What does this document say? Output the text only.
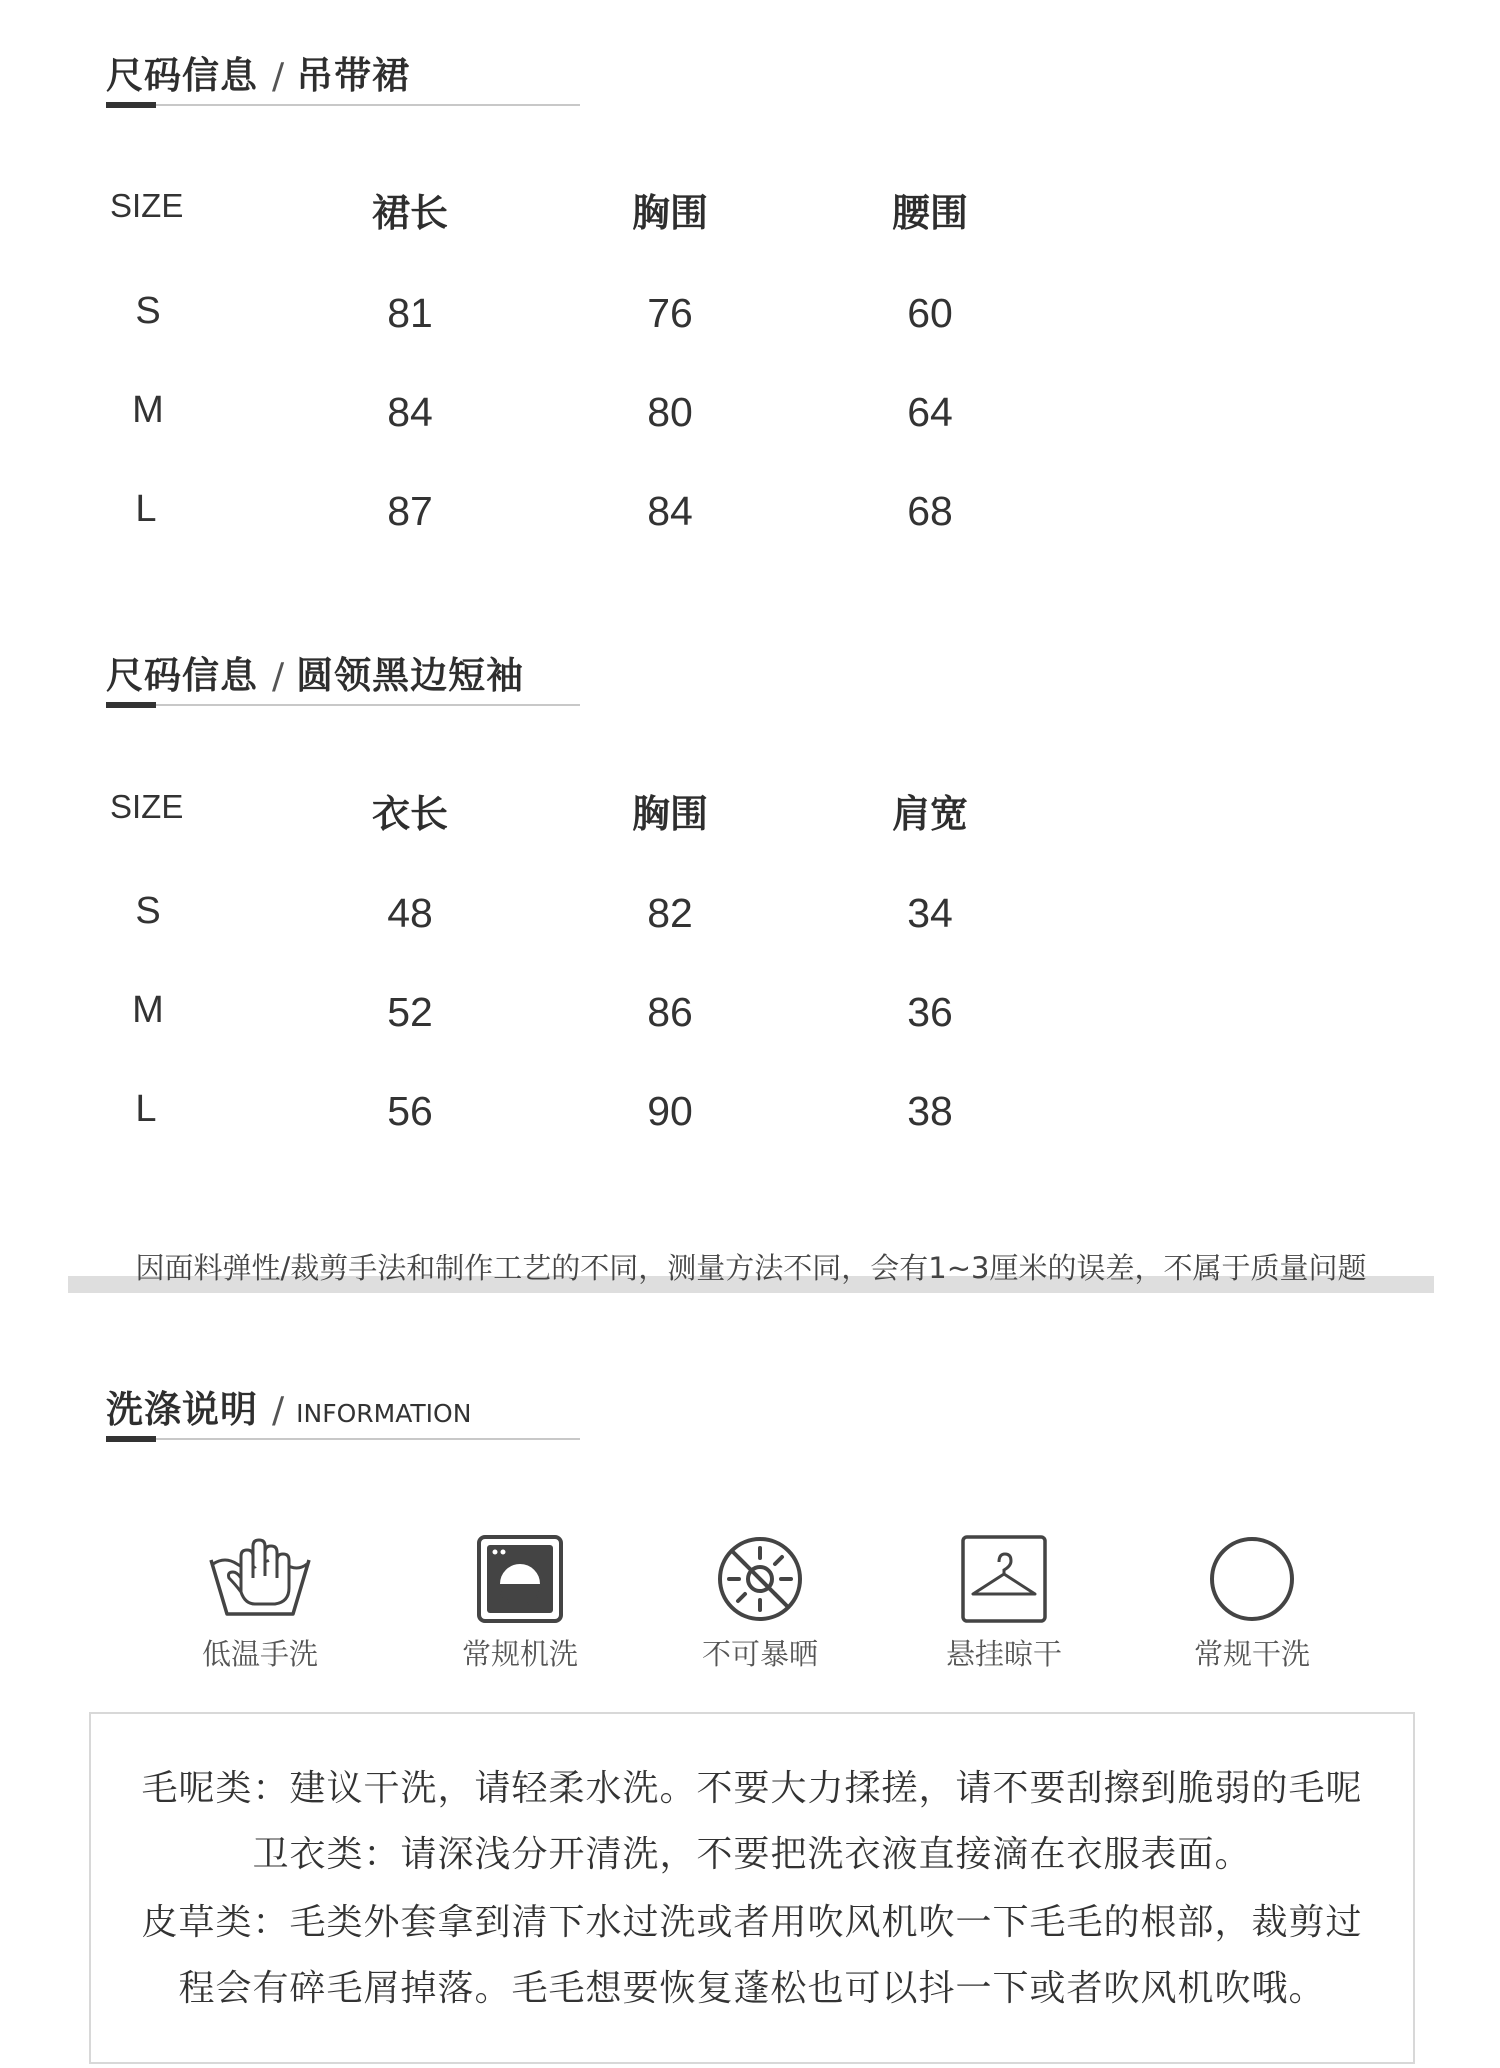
尺码信息 / 吊带裙
SIZE	裙长	胸围	腰围
S	81	76	60
M	84	80	64
L	87	84	68
尺码信息 / 圆领黑边短袖
SIZE	衣长	胸围	肩宽
S	48	82	34
M	52	86	36
L	56	90	38
因面料弹性/裁剪手法和制作工艺的不同，测量方法不同，会有1~3厘米的误差，不属于质量问题
洗涤说明 / INFORMATION
低温手洗	常规机洗	不可暴晒	悬挂晾干	常规干洗

毛呢类：建议干洗，请轻柔水洗。不要大力揉搓，请不要刮擦到脆弱的毛呢

卫衣类：请深浅分开清洗，不要把洗衣液直接滴在衣服表面。

皮草类：毛类外套拿到清下水过洗或者用吹风机吹一下毛毛的根部，裁剪过

程会有碎毛屑掉落。毛毛想要恢复蓬松也可以抖一下或者吹风机吹哦。
